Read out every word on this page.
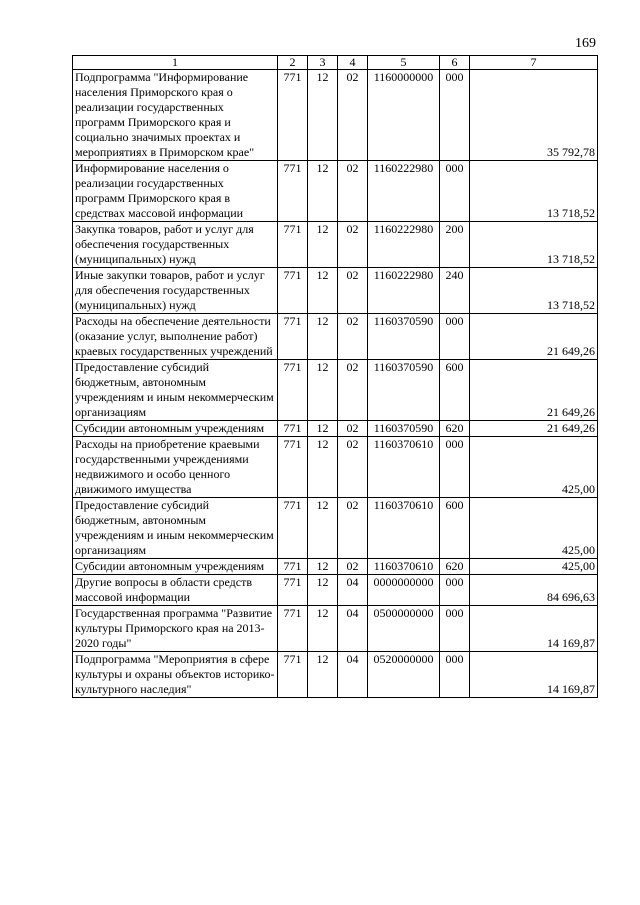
169
1	2	3	4	5	6	7
Подпрограмма "Информирование населения Приморского края о реализации государственных программ Приморского края и социально значимых проектах и мероприятиях в Приморском крае"	771	12	02	1160000000	000	35 792,78
Информирование населения о реализации государственных программ Приморского края в средствах массовой информации	771	12	02	1160222980	000	13 718,52
Закупка товаров, работ и услуг для обеспечения государственных (муниципальных) нужд	771	12	02	1160222980	200	13 718,52
Иные закупки товаров, работ и услуг для обеспечения государственных (муниципальных) нужд	771	12	02	1160222980	240	13 718,52
Расходы на обеспечение деятельности (оказание услуг, выполнение работ) краевых государственных учреждений	771	12	02	1160370590	000	21 649,26
Предоставление субсидий бюджетным, автономным учреждениям и иным некоммерческим организациям	771	12	02	1160370590	600	21 649,26
Субсидии автономным учреждениям	771	12	02	1160370590	620	21 649,26
Расходы на приобретение краевыми государственными учреждениями недвижимого и особо ценного движимого имущества	771	12	02	1160370610	000	425,00
Предоставление субсидий бюджетным, автономным учреждениям и иным некоммерческим организациям	771	12	02	1160370610	600	425,00
Субсидии автономным учреждениям	771	12	02	1160370610	620	425,00
Другие вопросы в области средств массовой информации	771	12	04	0000000000	000	84 696,63
Государственная программа "Развитие культуры Приморского края на 2013-2020 годы"	771	12	04	0500000000	000	14 169,87
Подпрограмма "Мероприятия в сфере культуры и охраны объектов историко-культурного наследия"	771	12	04	0520000000	000	14 169,87
